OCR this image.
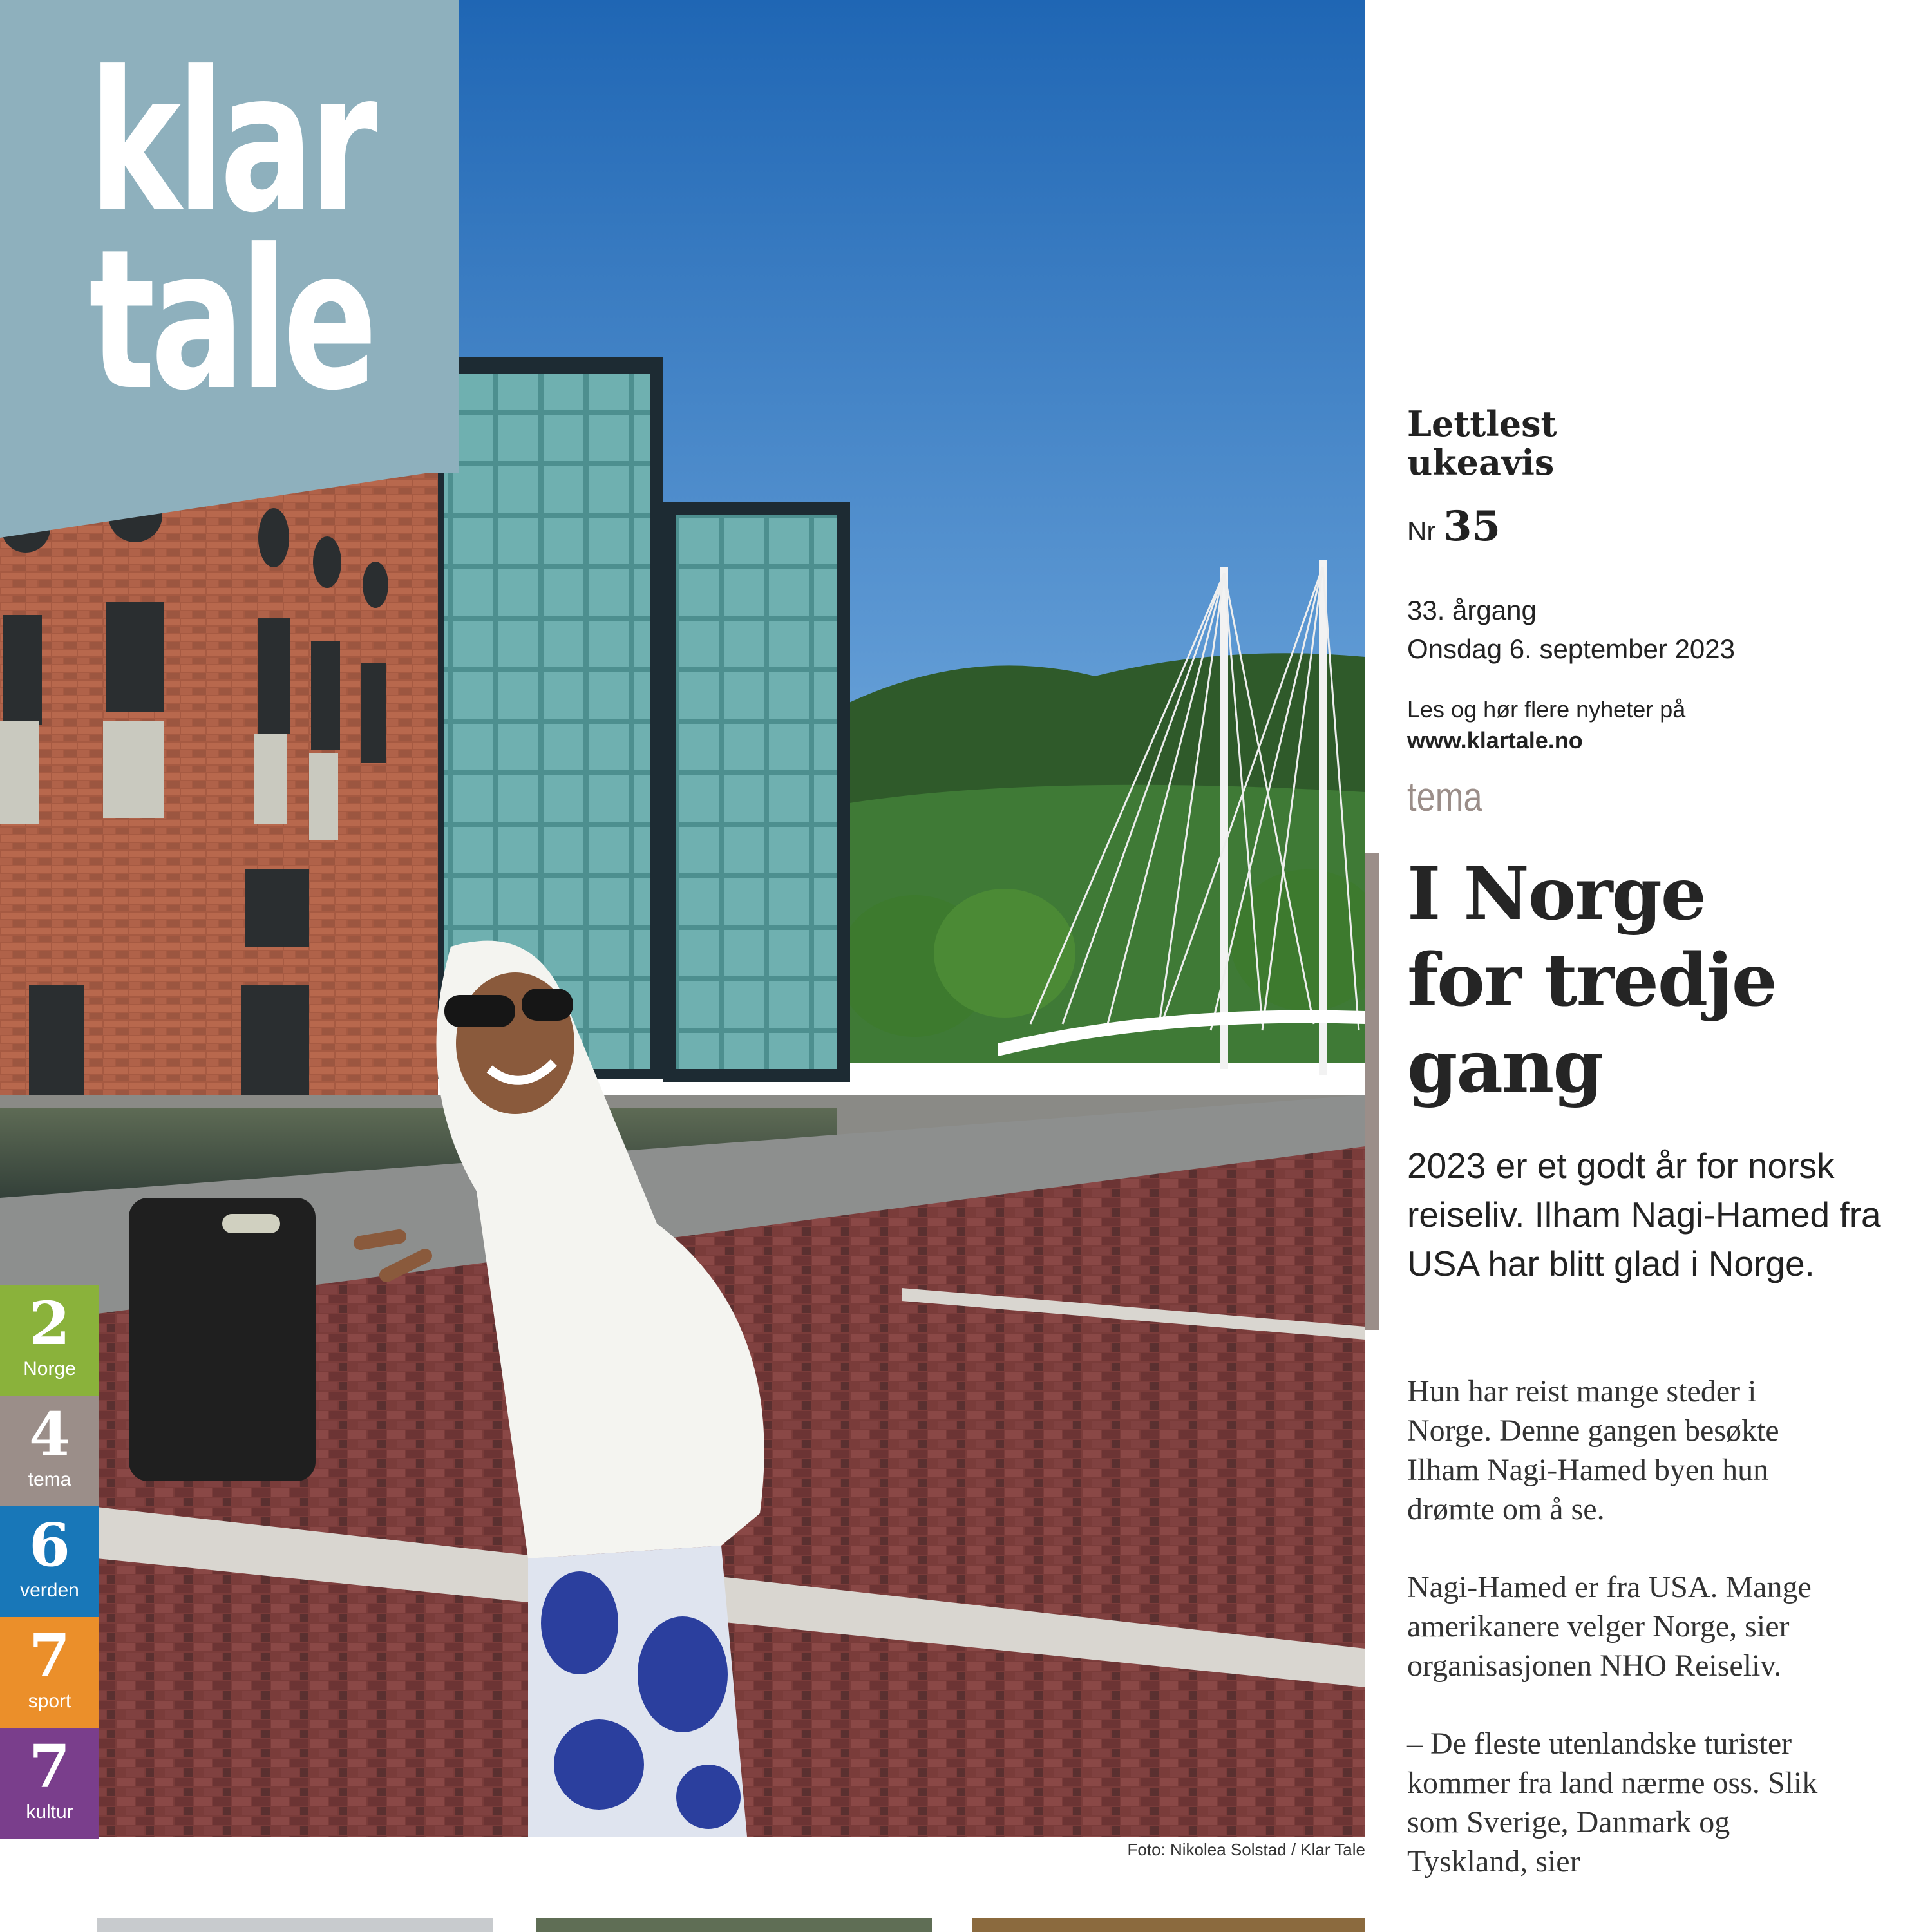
Foto: Nikolea Solstad / Klar Tale
klar
tale
2
Norge
4
tema
6
verden
7
sport
7
kultur
Lettlest ukeavis
Nr 35
33. årgang
Onsdag 6. september 2023
Les og hør flere nyheter på
www.klartale.no
tema
I Norge for tredje gang
2023 er et godt år for norsk reiseliv. Ilham Nagi-Hamed fra USA har blitt glad i Norge.

Hun har reist mange steder i Norge. Denne gangen besøkte Ilham Nagi-Hamed byen hun drømte om å se.

Nagi-Hamed er fra USA. Mange amerikanere velger Norge, sier organisasjonen NHO Reiseliv.

– De fleste utenlandske turister kommer fra land nærme oss. Slik som Sverige, Danmark og Tyskland, sier
